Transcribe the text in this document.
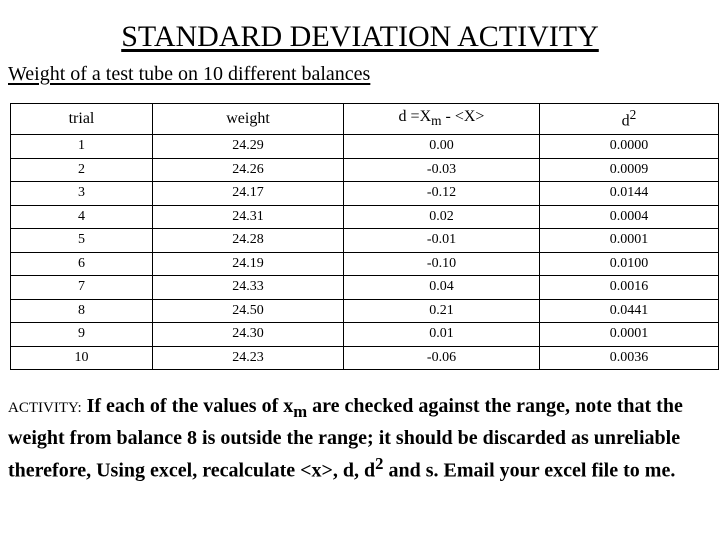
STANDARD DEVIATION ACTIVITY
Weight of a test tube on 10 different balances
trial	weight	$d =X_m - <X>$	$d^2$
1	24.29	0.00	0.0000
2	24.26	-0.03	0.0009
3	24.17	-0.12	0.0144
4	24.31	0.02	0.0004
5	24.28	-0.01	0.0001
6	24.19	-0.10	0.0100
7	24.33	0.04	0.0016
8	24.50	0.21	0.0441
9	24.30	0.01	0.0001
10	24.23	-0.06	0.0036
ACTIVITY: If each of the values of $x_m$ are checked against the range, note that the weight from balance 8 is outside the range; it should be discarded as unreliable therefore, Using excel, recalculate <x>, d, $d^2$ and s. Email your excel file to me.
